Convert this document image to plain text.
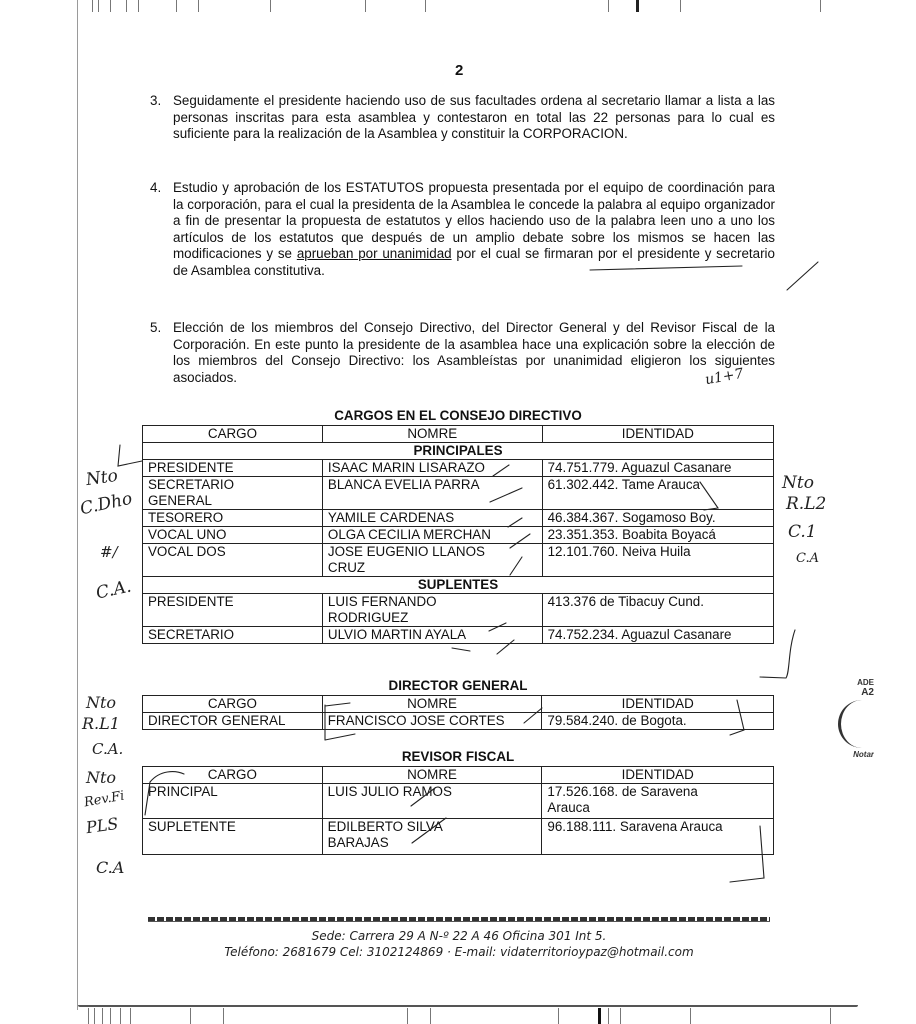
2
3. Seguidamente el presidente haciendo uso de sus facultades ordena al secretario llamar a lista a las personas inscritas para esta asamblea y contestaron en total las 22 personas para lo cual es suficiente para la realización de la Asamblea y constituir la CORPORACION.
4. Estudio y aprobación de los ESTATUTOS propuesta presentada por el equipo de coordinación para la corporación, para el cual la presidenta de la Asamblea le concede la palabra al equipo organizador a fin de presentar la propuesta de estatutos y ellos haciendo uso de la palabra leen uno a uno los artículos de los estatutos que después de un amplio debate sobre los mismos se hacen las modificaciones y se aprueban por unanimidad por el cual se firmaran por el presidente y secretario de Asamblea constitutiva.
5. Elección de los miembros del Consejo Directivo, del Director General y del Revisor Fiscal de la Corporación. En este punto la presidente de la asamblea hace una explicación sobre la elección de los miembros del Consejo Directivo: los Asambleístas por unanimidad eligieron los siguientes asociados.
CARGOS EN EL CONSEJO DIRECTIVO
CARGO	NOMRE	IDENTIDAD
PRINCIPALES		
PRESIDENTE	ISAAC MARIN LISARAZO	74.751.779. Aguazul Casanare
SECRETARIO GENERAL	BLANCA EVELIA PARRA	61.302.442. Tame Arauca
TESORERO	YAMILE CARDENAS	46.384.367. Sogamoso Boy.
VOCAL UNO	OLGA CECILIA MERCHAN	23.351.353. Boabita Boyacá
VOCAL DOS	JOSE EUGENIO LLANOS CRUZ	12.101.760. Neiva Huila
SUPLENTES		
PRESIDENTE	LUIS FERNANDO RODRIGUEZ	413.376 de Tibacuy Cund.
SECRETARIO	ULVIO MARTIN AYALA	74.752.234. Aguazul Casanare
DIRECTOR GENERAL
CARGO	NOMRE	IDENTIDAD
DIRECTOR GENERAL	FRANCISCO JOSE CORTES	79.584.240. de Bogota.
REVISOR FISCAL
CARGO	NOMRE	IDENTIDAD
PRINCIPAL	LUIS JULIO RAMOS	17.526.168. de Saravena Arauca
SUPLETENTE	EDILBERTO SILVA BARAJAS	96.188.111. Saravena Arauca
Sede: Carrera 29 A N-º 22 A 46 Oficina 301 Int 5.
Teléfono: 2681679 Cel: 3102124869 · E-mail: vidaterritorioypaz@hotmail.com
Nto
C.Dho
#/
C.A.
Nto
R.L1
C.A.
Nto
Rev.Fi
PLS
C.A
Nto
R.L2
C.1
C.A
u1+7
ADE
A2
Notar
